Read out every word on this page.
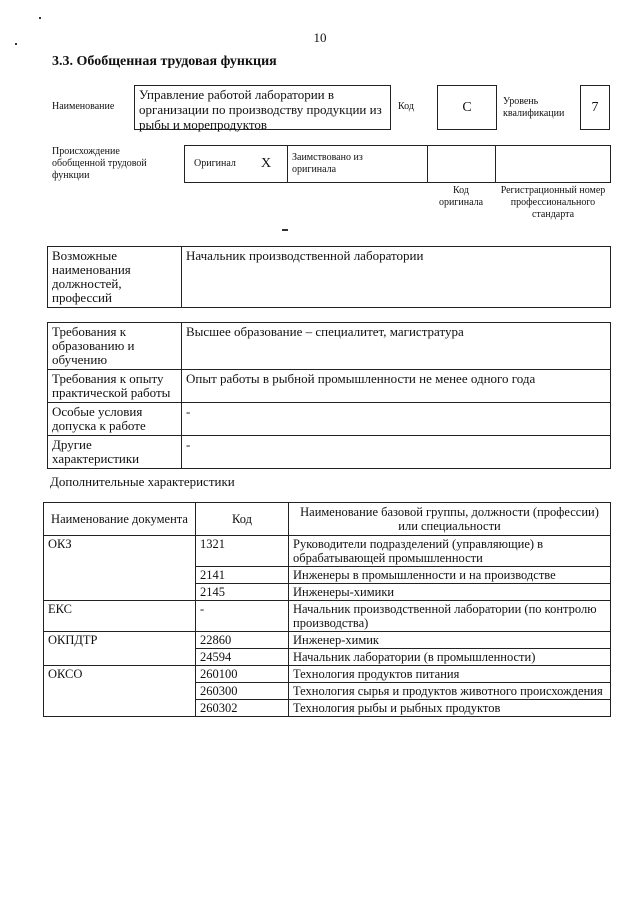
10
3.3. Обобщенная трудовая функция
Наименование
Управление работой лаборатории в организации по производству продукции из рыбы и морепродуктов
Код	С	Уровень квалификации	7
Происхождение обобщенной трудовой функции
Оригинал X Заимствовано из оригинала
Код оригинала
Регистрационный номер профессионального стандарта
Возможные наименования должностей, профессий	Начальник производственной лаборатории
Требования к образованию и обучению	Высшее образование – специалитет, магистратура
Требования к опыту практической работы	Опыт работы в рыбной промышленности не менее одного года
Особые условия допуска к работе	-
Другие характеристики	-
Дополнительные характеристики
Наименование документа	Код	Наименование базовой группы, должности (профессии) или специальности
ОКЗ	1321	Руководители подразделений (управляющие) в обрабатывающей промышленности
	2141	Инженеры в промышленности и на производстве
	2145	Инженеры-химики
ЕКС	-	Начальник производственной лаборатории (по контролю производства)
ОКПДТР	22860	Инженер-химик
	24594	Начальник лаборатории (в промышленности)
ОКСО	260100	Технология продуктов питания
	260300	Технология сырья и продуктов животного происхождения
	260302	Технология рыбы и рыбных продуктов
